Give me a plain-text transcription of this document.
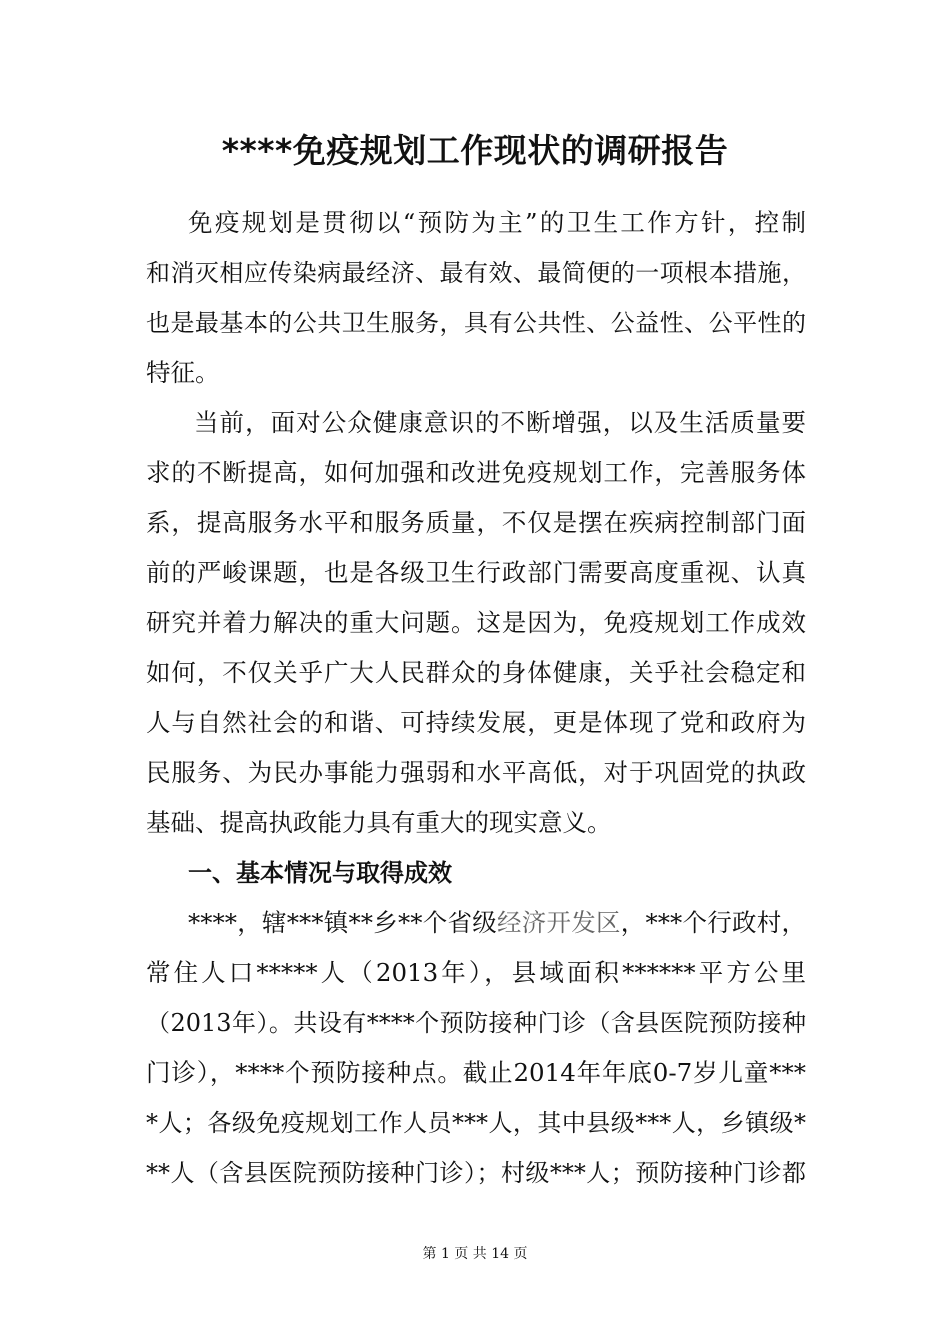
****免疫规划工作现状的调研报告
免疫规划是贯彻以“预防为主”的卫生工作方针，控制
和消灭相应传染病最经济、最有效、最简便的一项根本措施，
也是最基本的公共卫生服务，具有公共性、公益性、公平性的
特征。
当前，面对公众健康意识的不断增强，以及生活质量要
求的不断提高，如何加强和改进免疫规划工作，完善服务体
系，提高服务水平和服务质量，不仅是摆在疾病控制部门面
前的严峻课题，也是各级卫生行政部门需要高度重视、认真
研究并着力解决的重大问题。这是因为，免疫规划工作成效
如何，不仅关乎广大人民群众的身体健康，关乎社会稳定和
人与自然社会的和谐、可持续发展，更是体现了党和政府为
民服务、为民办事能力强弱和水平高低，对于巩固党的执政
基础、提高执政能力具有重大的现实意义。
一、基本情况与取得成效
****，辖***镇**乡**个省级经济开发区，***个行政村，
常住人口*****人（2013年），县域面积******平方公里
（2013年）。共设有****个预防接种门诊（含县医院预防接种
门诊），****个预防接种点。截止2014年年底0-7岁儿童***
*人；各级免疫规划工作人员***人，其中县级***人，乡镇级*
**人（含县医院预防接种门诊）；村级***人；预防接种门诊都
第 1 页 共 14 页
